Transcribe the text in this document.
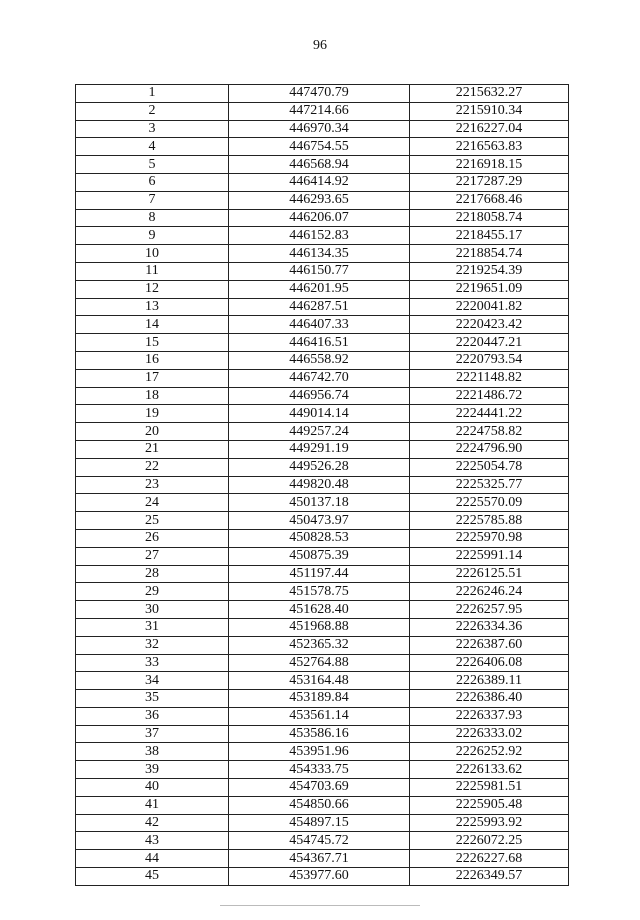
96
1	447470.79	2215632.27
2	447214.66	2215910.34
3	446970.34	2216227.04
4	446754.55	2216563.83
5	446568.94	2216918.15
6	446414.92	2217287.29
7	446293.65	2217668.46
8	446206.07	2218058.74
9	446152.83	2218455.17
10	446134.35	2218854.74
11	446150.77	2219254.39
12	446201.95	2219651.09
13	446287.51	2220041.82
14	446407.33	2220423.42
15	446416.51	2220447.21
16	446558.92	2220793.54
17	446742.70	2221148.82
18	446956.74	2221486.72
19	449014.14	2224441.22
20	449257.24	2224758.82
21	449291.19	2224796.90
22	449526.28	2225054.78
23	449820.48	2225325.77
24	450137.18	2225570.09
25	450473.97	2225785.88
26	450828.53	2225970.98
27	450875.39	2225991.14
28	451197.44	2226125.51
29	451578.75	2226246.24
30	451628.40	2226257.95
31	451968.88	2226334.36
32	452365.32	2226387.60
33	452764.88	2226406.08
34	453164.48	2226389.11
35	453189.84	2226386.40
36	453561.14	2226337.93
37	453586.16	2226333.02
38	453951.96	2226252.92
39	454333.75	2226133.62
40	454703.69	2225981.51
41	454850.66	2225905.48
42	454897.15	2225993.92
43	454745.72	2226072.25
44	454367.71	2226227.68
45	453977.60	2226349.57
